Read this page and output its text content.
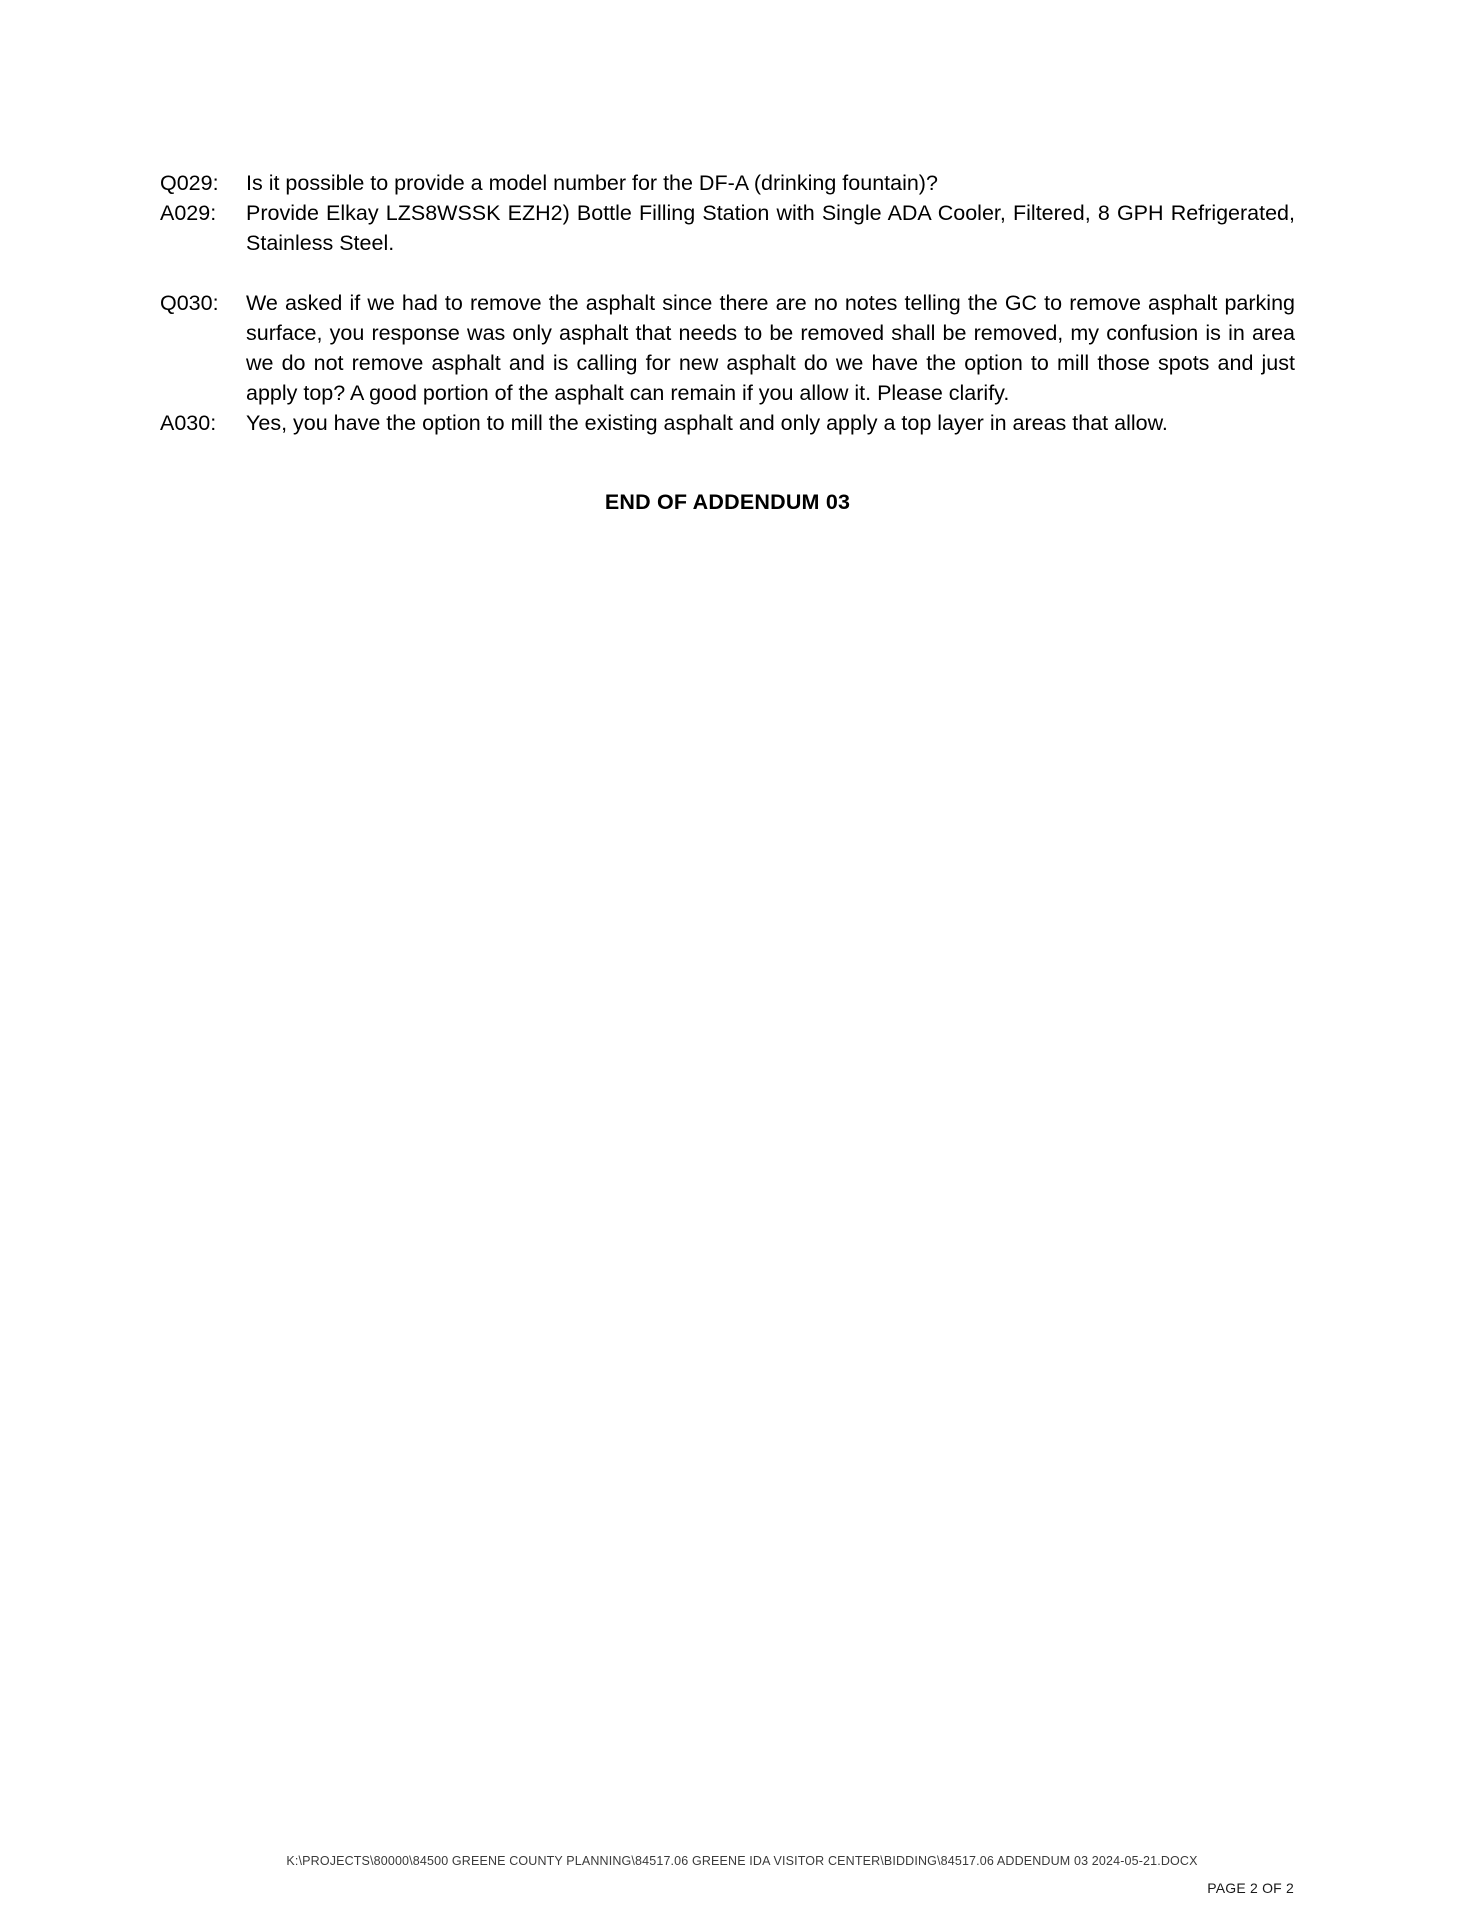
Q029:	Is it possible to provide a model number for the DF-A (drinking fountain)?
A029:	Provide Elkay LZS8WSSK EZH2) Bottle Filling Station with Single ADA Cooler, Filtered, 8 GPH Refrigerated, Stainless Steel.
Q030:	We asked if we had to remove the asphalt since there are no notes telling the GC to remove asphalt parking surface, you response was only asphalt that needs to be removed shall be removed, my confusion is in area we do not remove asphalt and is calling for new asphalt do we have the option to mill those spots and just apply top? A good portion of the asphalt can remain if you allow it. Please clarify.
A030:	Yes, you have the option to mill the existing asphalt and only apply a top layer in areas that allow.
END OF ADDENDUM 03
K:\PROJECTS\80000\84500 GREENE COUNTY PLANNING\84517.06 GREENE IDA VISITOR CENTER\BIDDING\84517.06 ADDENDUM 03 2024-05-21.DOCX
PAGE 2 OF 2
